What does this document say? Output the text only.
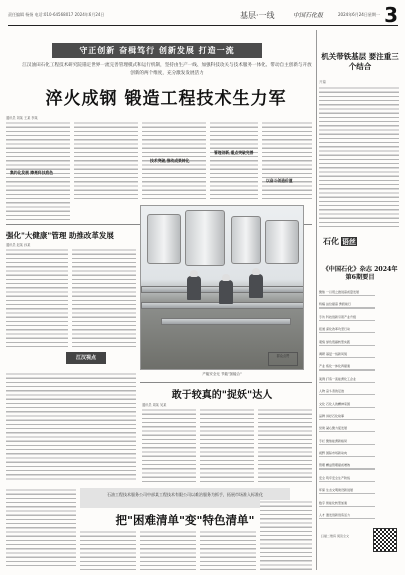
责任编辑 杨扬 电话:010-64568017 2024年6月24日	基层·一线	中国石化报	2024年6月24日星期一 3
守正创新 奋楫笃行 创新发展 打造一流
江汉油田石化工程技术研究院锚定世界一流完善管理模式和运行机制，坚持由生产一线、加强科技攻关与技术服务一体化、带动自主创新与开放创新的两个维度，充分激发发展活力
淬火成钢 锻造工程技术生力军
通讯员 刘某 王某 李某
集约化发展 擦亮科技底色
技术突破,推动成果转化
管理创新,重点突破完善
以奋斗创造价值
强化"大健康"管理 助推改革发展
通讯员 赵某 孙某
江汉视点
产能安全无 节能"加能合"
群众点赞
敢于较真的"捉妖"达人
通讯员 周某 吴某
石油工程技术服务公司中部某工程技术有限公司以难治服务为抓手，拓展市场准入标准化
把"困难清单"变"特色清单"
机关带铁基层 要注重三个结合
开篇
石化 语丝
《中国石化》杂志 2024年第6期要目
聚焦 一以贯之推进高质量发展
特稿 站位提高 勇毅前行
专访 科技创新引领产业升级
报道 深化改革攻坚行动
观察 绿色低碳转型实践
调研 基层一线新风貌
产业 炼化一体化再提速
案例 打造一流能源化工企业
人物 奋斗者的足迹
文化 石化人的精神家园
品牌 讲好石化故事
党建 凝心聚力促发展
专栏 聚焦能源新格局
视野 国际市场新动向
管理 精益管理提质增效
安全 筑牢安全生产防线
环保 生态文明建设新进展
数字 智能化转型加速
人才 激发创新创造活力
扫描二维码 阅读全文
